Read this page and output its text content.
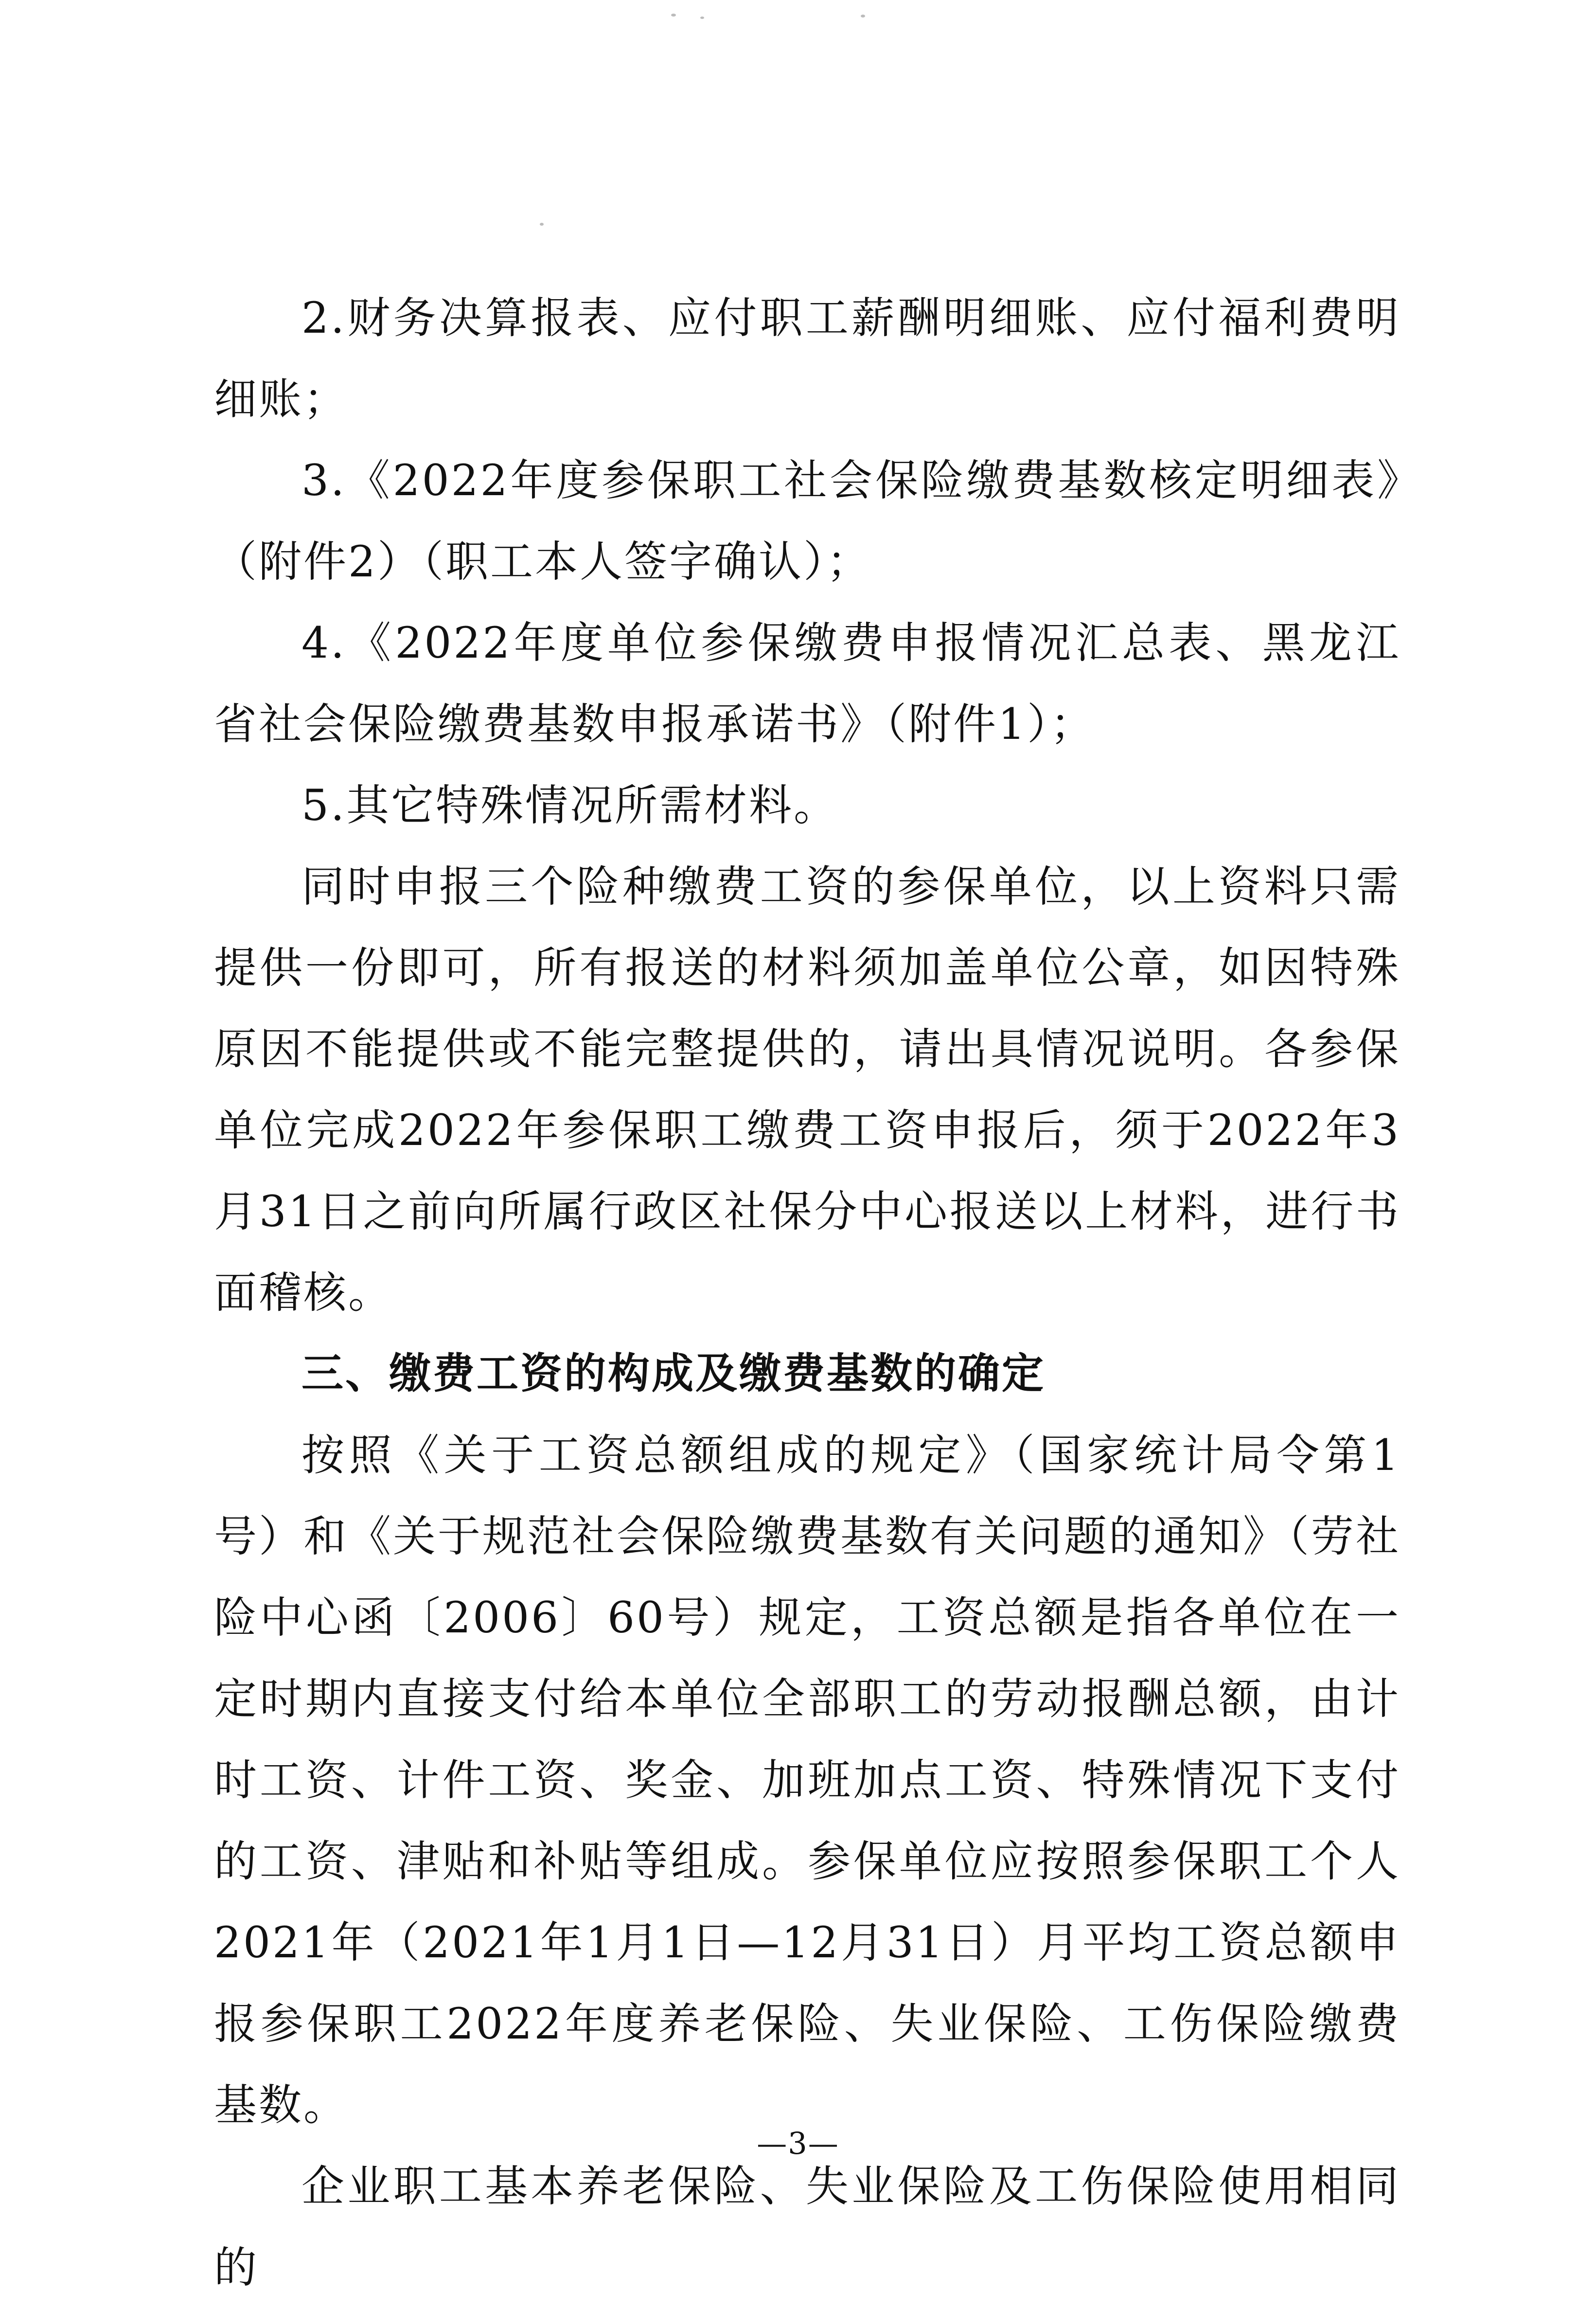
2.财务决算报表、应付职工薪酬明细账、应付福利费明细账；

3.《2022年度参保职工社会保险缴费基数核定明细表》（附件2）（职工本人签字确认）；

4.《2022年度单位参保缴费申报情况汇总表、黑龙江省社会保险缴费基数申报承诺书》（附件1）；

5.其它特殊情况所需材料。

同时申报三个险种缴费工资的参保单位，以上资料只需提供一份即可，所有报送的材料须加盖单位公章，如因特殊原因不能提供或不能完整提供的，请出具情况说明。各参保单位完成2022年参保职工缴费工资申报后，须于2022年3月31日之前向所属行政区社保分中心报送以上材料，进行书面稽核。

三、缴费工资的构成及缴费基数的确定

按照《关于工资总额组成的规定》（国家统计局令第1号）和《关于规范社会保险缴费基数有关问题的通知》（劳社险中心函〔2006〕60号）规定，工资总额是指各单位在一定时期内直接支付给本单位全部职工的劳动报酬总额，由计时工资、计件工资、奖金、加班加点工资、特殊情况下支付的工资、津贴和补贴等组成。参保单位应按照参保职工个人2021年（2021年1月1日—12月31日）月平均工资总额申报参保职工2022年度养老保险、失业保险、工伤保险缴费基数。

企业职工基本养老保险、失业保险及工伤保险使用相同的

—3—
